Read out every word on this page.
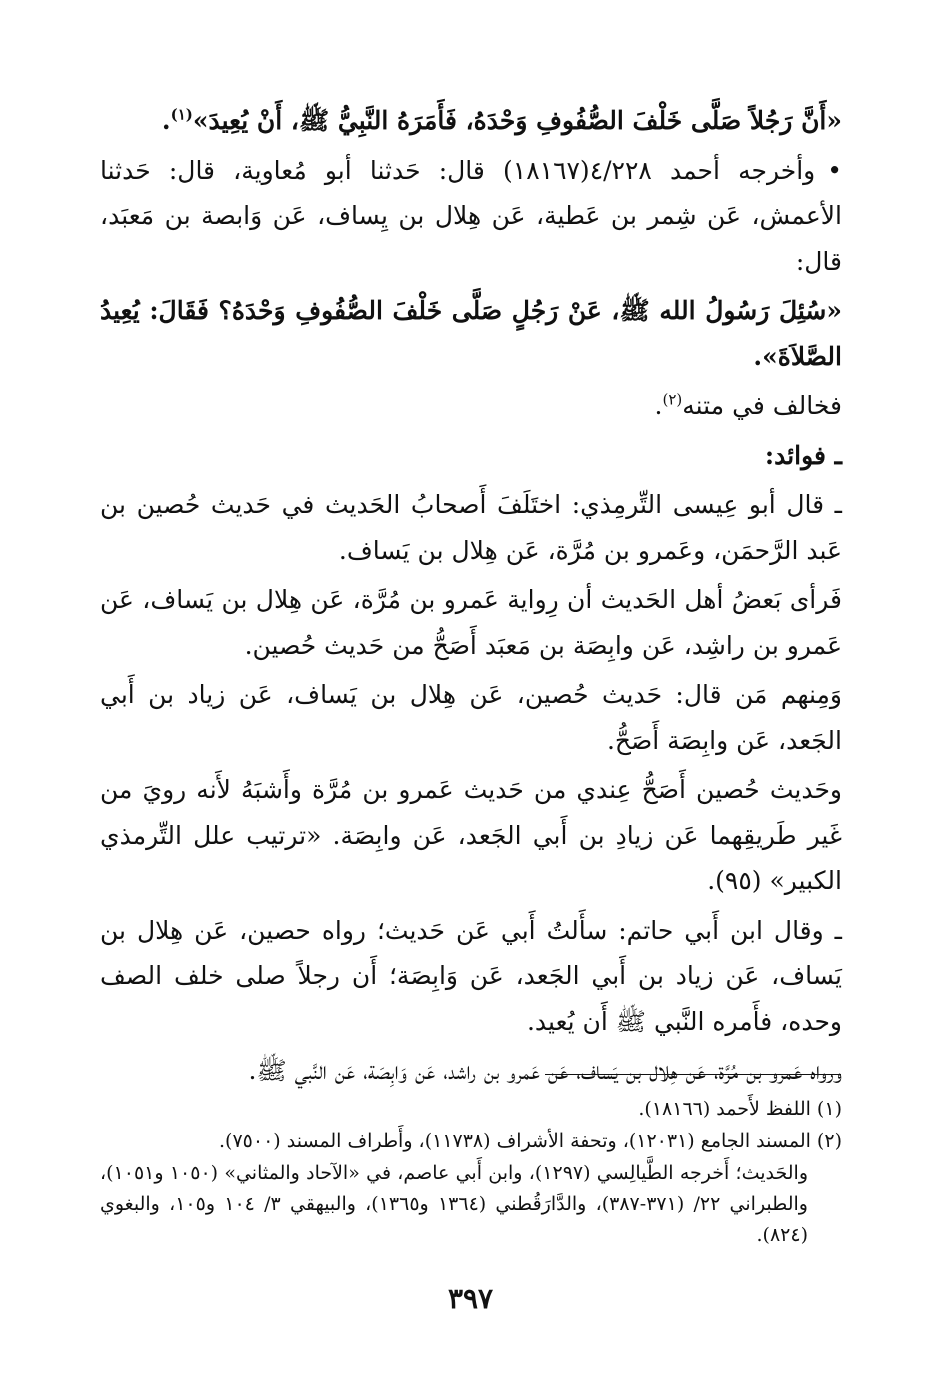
«أَنَّ رَجُلاً صَلَّى خَلْفَ الصُّفُوفِ وَحْدَهُ، فَأَمَرَهُ النَّبِيُّ ﷺ، أَنْ يُعِيدَ»$^{(١)}$.

•وأخرجه أحمد ٤/٢٢٨(١٨١٦٧) قال: حَدثنا أبو مُعاوية، قال: حَدثنا الأعمش، عَن شِمر بن عَطية، عَن هِلال بن يِساف، عَن وَابصة بن مَعبَد، قال:

«سُئِلَ رَسُولُ الله ﷺ، عَنْ رَجُلٍ صَلَّى خَلْفَ الصُّفُوفِ وَحْدَهُ؟ فَقَالَ: يُعِيدُ الصَّلاَةَ».

فخالف في متنه$^{(٢)}$.

ـ فوائد:

ـ قال أبو عِيسى التِّرمِذي: اختَلَفَ أَصحابُ الحَديث في حَديث حُصين بن عَبد الرَّحمَن، وعَمرو بن مُرَّة، عَن هِلال بن يَساف.

فَرأى بَعضُ أهل الحَديث أن رِواية عَمرو بن مُرَّة، عَن هِلال بن يَساف، عَن عَمرو بن راشِد، عَن وابِصَة بن مَعبَد أَصَحُّ من حَديث حُصين.

وَمِنهم مَن قال: حَديث حُصين، عَن هِلال بن يَساف، عَن زياد بن أَبي الجَعد، عَن وابِصَة أَصَحُّ.

وحَديث حُصين أَصَحُّ عِندي من حَديث عَمرو بن مُرَّة وأَشبَهُ لأَنه رويَ من غَير طَريقِهما عَن زيادِ بن أَبي الجَعد، عَن وابِصَة. «ترتيب علل التِّرمذي الكبير» (٩٥).

ـ وقال ابن أَبي حاتم: سأَلتُ أَبي عَن حَديث؛ رواه حصين، عَن هِلال بن يَساف، عَن زياد بن أَبي الجَعد، عَن وَابِصَة؛ أَن رجلاً صلى خلف الصف وحده، فأَمره النَّبي ﷺ أَن يُعيد.

ورواه عَمرو بن مُرَّة، عَن هِلال بن يَساف، عَن عَمرو بن راشد، عَن وَابِصَة، عَن النَّبي ﷺ.

(١) اللفظ لأَحمد (١٨١٦٦).

(٢) المسند الجامع (١٢٠٣١)، وتحفة الأشراف (١١٧٣٨)، وأَطراف المسند (٧٥٠٠).

والحَديث؛ أَخرجه الطَّيالِسي (١٢٩٧)، وابن أَبي عاصم، في «الآحاد والمثاني» (١٠٥٠ و١٠٥١)، والطبراني ٢٢/ (٣٧١-٣٨٧)، والدَّارَقُطني (١٣٦٤ و١٣٦٥)، والبيهقي ٣/ ١٠٤ و١٠٥، والبغوي (٨٢٤).

٣٩٧
